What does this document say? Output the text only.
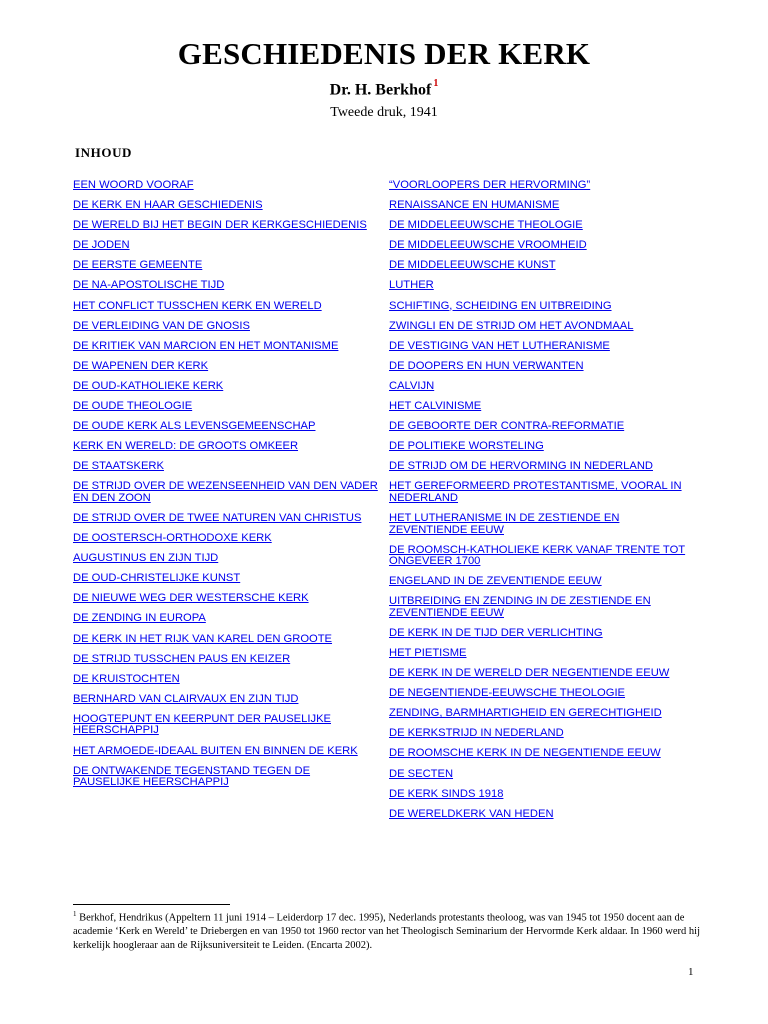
GESCHIEDENIS DER KERK
Dr. H. Berkhof $^1$
Tweede druk, 1941
INHOUD
EEN WOORD VOORAF
DE KERK EN HAAR GESCHIEDENIS
DE WERELD BIJ HET BEGIN DER KERKGESCHIEDENIS
DE JODEN
DE EERSTE GEMEENTE
DE NA-APOSTOLISCHE TIJD
HET CONFLICT TUSSCHEN KERK EN WERELD
DE VERLEIDING VAN DE GNOSIS
DE KRITIEK VAN MARCION EN HET MONTANISME
DE WAPENEN DER KERK
DE OUD-KATHOLIEKE KERK
DE OUDE THEOLOGIE
DE OUDE KERK ALS LEVENSGEMEENSCHAP
KERK EN WERELD: DE GROOTS OMKEER
DE STAATSKERK
DE STRIJD OVER DE WEZENSEENHEID VAN DEN VADER EN DEN ZOON
DE STRIJD OVER DE TWEE NATUREN VAN CHRISTUS
DE OOSTERSCH-ORTHODOXE KERK
AUGUSTINUS EN ZIJN TIJD
DE OUD-CHRISTELIJKE KUNST
DE NIEUWE WEG DER WESTERSCHE KERK
DE ZENDING IN EUROPA
DE KERK IN HET RIJK VAN KAREL DEN GROOTE
DE STRIJD TUSSCHEN PAUS EN KEIZER
DE KRUISTOCHTEN
BERNHARD VAN CLAIRVAUX EN ZIJN TIJD
HOOGTEPUNT EN KEERPUNT DER PAUSELIJKE HEERSCHAPPIJ
HET ARMOEDE-IDEAAL BUITEN EN BINNEN DE KERK
DE ONTWAKENDE TEGENSTAND TEGEN DE PAUSELIJKE HEERSCHAPPIJ
“VOORLOOPERS DER HERVORMING”
RENAISSANCE EN HUMANISME
DE MIDDELEEUWSCHE THEOLOGIE
DE MIDDELEEUWSCHE VROOMHEID
DE MIDDELEEUWSCHE KUNST
LUTHER
SCHIFTING, SCHEIDING EN UITBREIDING
ZWINGLI EN DE STRIJD OM HET AVONDMAAL
DE VESTIGING VAN HET LUTHERANISME
DE DOOPERS EN HUN VERWANTEN
CALVIJN
HET CALVINISME
DE GEBOORTE DER CONTRA-REFORMATIE
DE POLITIEKE WORSTELING
DE STRIJD OM DE HERVORMING IN NEDERLAND
HET GEREFORMEERD PROTESTANTISME, VOORAL IN NEDERLAND
HET LUTHERANISME IN DE ZESTIENDE EN ZEVENTIENDE EEUW
DE ROOMSCH-KATHOLIEKE KERK VANAF TRENTE TOT ONGEVEER 1700
ENGELAND IN DE ZEVENTIENDE EEUW
UITBREIDING EN ZENDING IN DE ZESTIENDE EN ZEVENTIENDE EEUW
DE KERK IN DE TIJD DER VERLICHTING
HET PIETISME
DE KERK IN DE WERELD DER NEGENTIENDE EEUW
DE NEGENTIENDE-EEUWSCHE THEOLOGIE
ZENDING, BARMHARTIGHEID EN GERECHTIGHEID
DE KERKSTRIJD IN NEDERLAND
DE ROOMSCHE KERK IN DE NEGENTIENDE EEUW
DE SECTEN
DE KERK SINDS 1918
DE WERELDKERK VAN HEDEN
$^1$ Berkhof, Hendrikus (Appeltern 11 juni 1914 – Leiderdorp 17 dec. 1995), Nederlands protestants theoloog, was van 1945 tot 1950 docent aan de academie ‘Kerk en Wereld’ te Driebergen en van 1950 tot 1960 rector van het Theologisch Seminarium der Hervormde Kerk aldaar. In 1960 werd hij kerkelijk hoogleraar aan de Rijksuniversiteit te Leiden. (Encarta 2002).
1
